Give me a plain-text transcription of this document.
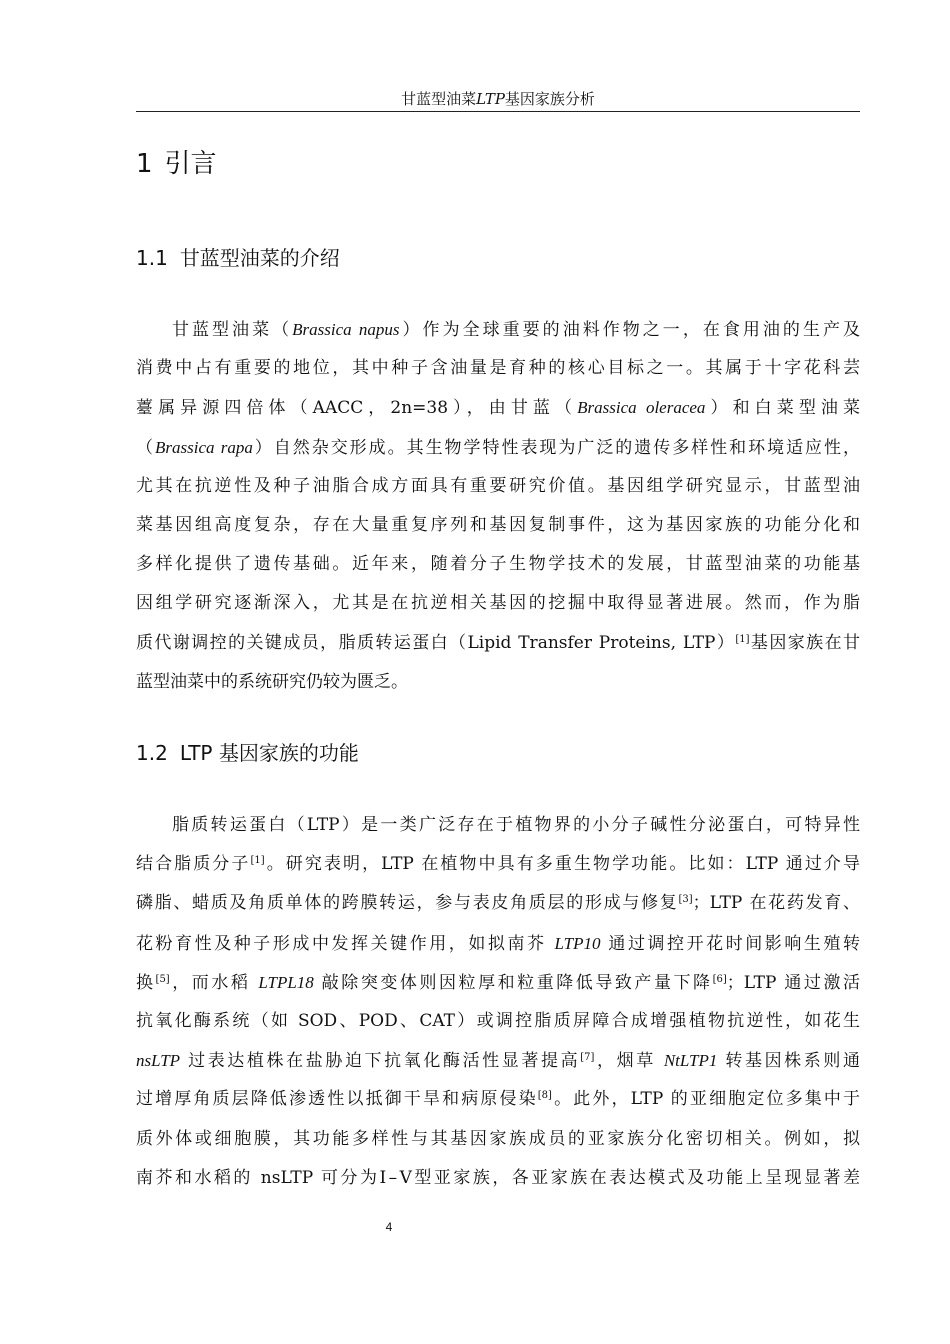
甘蓝型油菜LTP基因家族分析
1 引言
1.1 甘蓝型油菜的介绍
甘蓝型油菜（Brassica napus）作为全球重要的油料作物之一，在食用油的生产及
消费中占有重要的地位，其中种子含油量是育种的核心目标之一。其属于十字花科芸
薹属异源四倍体（AACC，2n=38），由甘蓝（Brassica oleracea）和白菜型油菜
（Brassica rapa）自然杂交形成。其生物学特性表现为广泛的遗传多样性和环境适应性，
尤其在抗逆性及种子油脂合成方面具有重要研究价值。基因组学研究显示，甘蓝型油
菜基因组高度复杂，存在大量重复序列和基因复制事件，这为基因家族的功能分化和
多样化提供了遗传基础。近年来，随着分子生物学技术的发展，甘蓝型油菜的功能基
因组学研究逐渐深入，尤其是在抗逆相关基因的挖掘中取得显著进展。然而，作为脂
质代谢调控的关键成员，脂质转运蛋白（Lipid Transfer Proteins, LTP）[1]基因家族在甘
蓝型油菜中的系统研究仍较为匮乏。
1.2 LTP 基因家族的功能
脂质转运蛋白（LTP）是一类广泛存在于植物界的小分子碱性分泌蛋白，可特异性
结合脂质分子[1]。研究表明，LTP 在植物中具有多重生物学功能。比如：LTP 通过介导
磷脂、蜡质及角质单体的跨膜转运，参与表皮角质层的形成与修复[3]；LTP 在花药发育、
花粉育性及种子形成中发挥关键作用，如拟南芥 LTP10 通过调控开花时间影响生殖转
换[5]，而水稻 LTPL18 敲除突变体则因粒厚和粒重降低导致产量下降[6]；LTP 通过激活
抗氧化酶系统（如 SOD、POD、CAT）或调控脂质屏障合成增强植物抗逆性，如花生
nsLTP 过表达植株在盐胁迫下抗氧化酶活性显著提高[7]，烟草 NtLTP1 转基因株系则通
过增厚角质层降低渗透性以抵御干旱和病原侵染[8]。此外，LTP 的亚细胞定位多集中于
质外体或细胞膜，其功能多样性与其基因家族成员的亚家族分化密切相关。例如，拟
南芥和水稻的 nsLTP 可分为Ⅰ–Ⅴ型亚家族，各亚家族在表达模式及功能上呈现显著差
4
